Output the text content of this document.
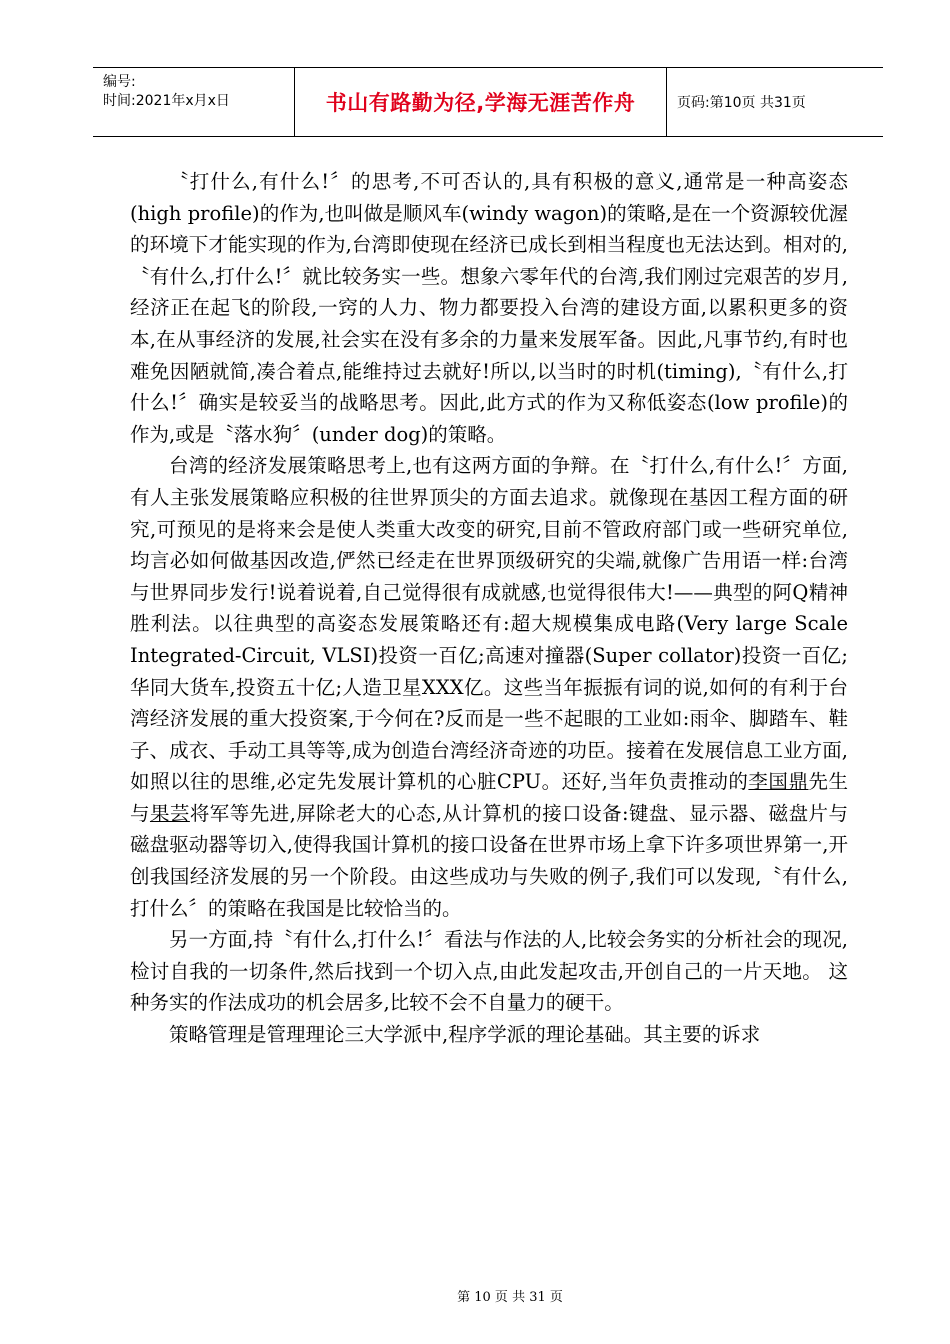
编号:
时间:2021年x月x日	书山有路勤为径,学海无涯苦作舟	页码:第10页 共31页

〝打什么,有什么!〞的思考,不可否认的,具有积极的意义,通常是一种高姿态(high profile)的作为,也叫做是顺风车(windy wagon)的策略,是在一个资源较优渥的环境下才能实现的作为,台湾即使现在经济已成长到相当程度也无法达到。相对的,〝有什么,打什么!〞就比较务实一些。想象六零年代的台湾,我们刚过完艰苦的岁月,经济正在起飞的阶段,一窍的人力、物力都要投入台湾的建设方面,以累积更多的资本,在从事经济的发展,社会实在没有多余的力量来发展军备。因此,凡事节约,有时也难免因陋就简,凑合着点,能维持过去就好!所以,以当时的时机(timing),〝有什么,打什么!〞确实是较妥当的战略思考。因此,此方式的作为又称低姿态(low profile)的作为,或是〝落水狗〞(under dog)的策略。

台湾的经济发展策略思考上,也有这两方面的争辩。在〝打什么,有什么!〞方面,有人主张发展策略应积极的往世界顶尖的方面去追求。就像现在基因工程方面的研究,可预见的是将来会是使人类重大改变的研究,目前不管政府部门或一些研究单位,均言必如何做基因改造,俨然已经走在世界顶级研究的尖端,就像广告用语一样:台湾与世界同步发行!说着说着,自己觉得很有成就感,也觉得很伟大!——典型的阿Q精神胜利法。以往典型的高姿态发展策略还有:超大规模集成电路(Very large Scale Integrated-Circuit, VLSI)投资一百亿;高速对撞器(Super collator)投资一百亿;华同大货车,投资五十亿;人造卫星XXX亿。这些当年振振有词的说,如何的有利于台湾经济发展的重大投资案,于今何在?反而是一些不起眼的工业如:雨伞、脚踏车、鞋子、成衣、手动工具等等,成为创造台湾经济奇迹的功臣。接着在发展信息工业方面,如照以往的思维,必定先发展计算机的心脏CPU。还好,当年负责推动的李国鼎先生与果芸将军等先进,屏除老大的心态,从计算机的接口设备:键盘、显示器、磁盘片与磁盘驱动器等切入,使得我国计算机的接口设备在世界市场上拿下许多项世界第一,开创我国经济发展的另一个阶段。由这些成功与失败的例子,我们可以发现,〝有什么,打什么〞的策略在我国是比较恰当的。

另一方面,持〝有什么,打什么!〞看法与作法的人,比较会务实的分析社会的现况,检讨自我的一切条件,然后找到一个切入点,由此发起攻击,开创自己的一片天地。 这种务实的作法成功的机会居多,比较不会不自量力的硬干。

策略管理是管理理论三大学派中,程序学派的理论基础。其主要的诉求

第 10 页 共 31 页
